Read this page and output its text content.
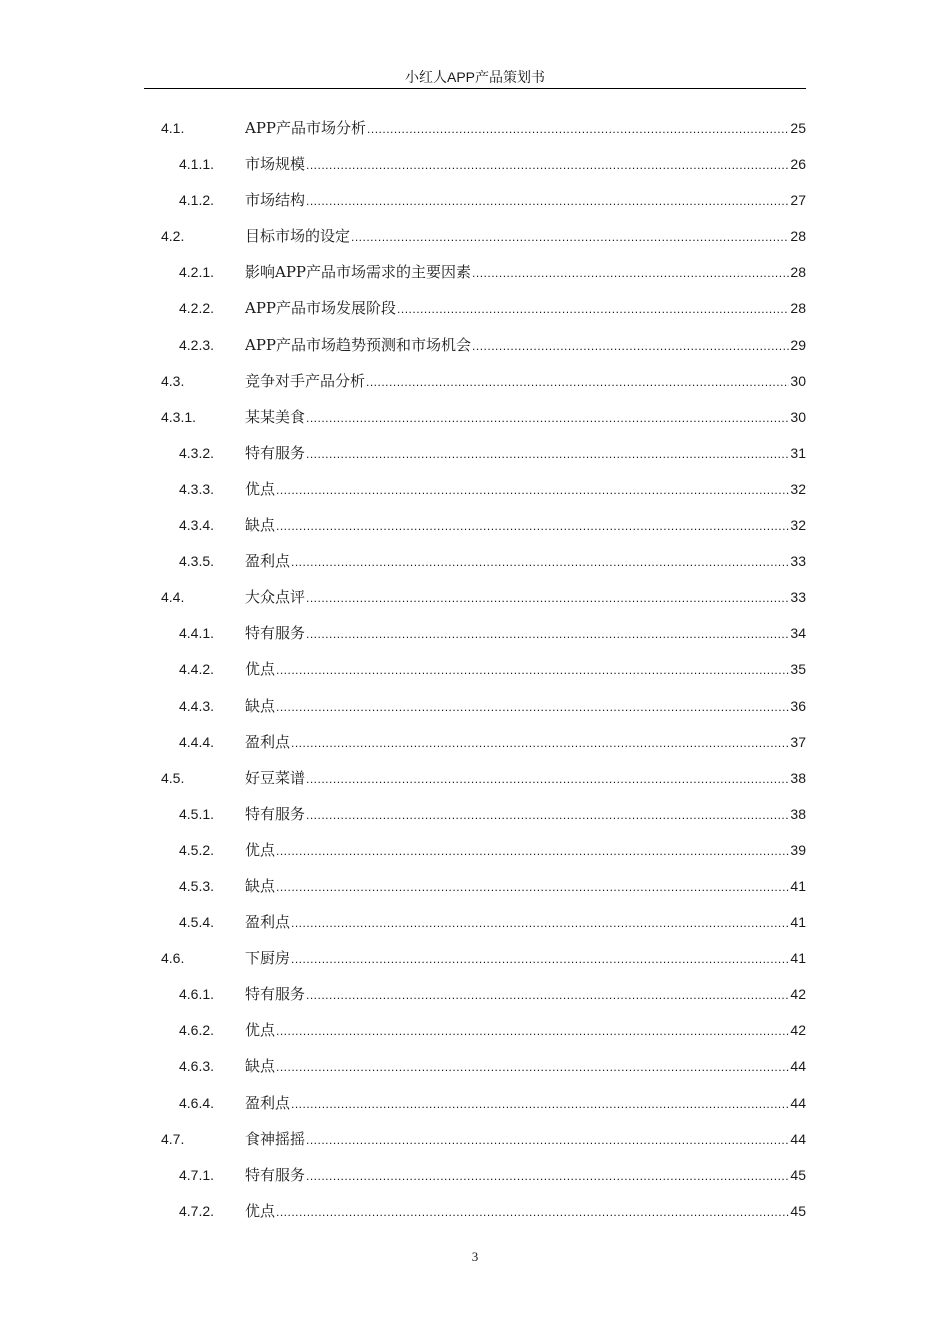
小红人APP产品策划书
4.1.	APP产品市场分析 .....	25
4.1.1. 市场规模 .....	26
4.1.2. 市场结构 .....	27
4.2.	目标市场的设定 .....	28
4.2.1. 影响APP产品市场需求的主要因素 .....	28
4.2.2. APP产品市场发展阶段 .....	28
4.2.3. APP产品市场趋势预测和市场机会 .....	29
4.3.	竞争对手产品分析 .....	30
4.3.1.	某某美食 .....	30
4.3.2. 特有服务 .....	31
4.3.3. 优点 .....	32
4.3.4. 缺点 .....	32
4.3.5. 盈利点 .....	33
4.4.	大众点评 .....	33
4.4.1. 特有服务 .....	34
4.4.2. 优点 .....	35
4.4.3. 缺点 .....	36
4.4.4. 盈利点 .....	37
4.5.	好豆菜谱 .....	38
4.5.1. 特有服务 .....	38
4.5.2. 优点 .....	39
4.5.3. 缺点 .....	41
4.5.4. 盈利点 .....	41
4.6.	下厨房 .....	41
4.6.1. 特有服务 .....	42
4.6.2. 优点 .....	42
4.6.3. 缺点 .....	44
4.6.4. 盈利点 .....	44
4.7.	食神摇摇 .....	44
4.7.1. 特有服务 .....	45
4.7.2. 优点 .....	45
3
